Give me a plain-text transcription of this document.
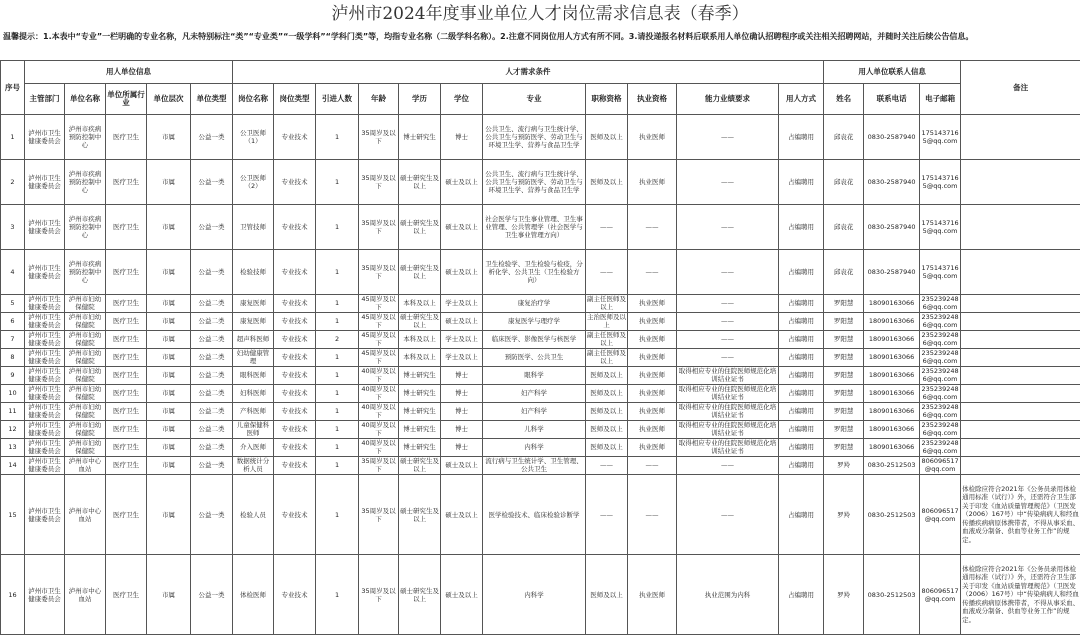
泸州市2024年度事业单位人才岗位需求信息表（春季）
温馨提示：1.本表中“专业”一栏明确的专业名称，凡未特别标注“类”“专业类”“一级学科”“学科门类”等，均指专业名称（二级学科名称）。2.注意不同岗位用人方式有所不同。3.请投递报名材料后联系用人单位确认招聘程序或关注相关招聘网站，并随时关注后续公告信息。
序号	用人单位信息					人才需求条件											用人单位联系人信息			备注
	主管部门	单位名称	单位所属行业	单位层次	单位类型	岗位名称	岗位类型	引进人数	年龄	学历	学位	专业	职称资格	执业资格	能力业绩要求	用人方式	姓名	联系电话	电子邮箱	
1	泸州市卫生健康委员会	泸州市疾病预防控制中心	医疗卫生	市属	公益一类	公卫医师（1）	专业技术	1	35周岁及以下	博士研究生	博士	公共卫生、流行病与卫生统计学、公共卫生与预防医学、劳动卫生与环境卫生学、营养与食品卫生学	医师及以上	执业医师	——	占编聘用	邱袁花	0830-2587940	1751437165@qq.com	
2	泸州市卫生健康委员会	泸州市疾病预防控制中心	医疗卫生	市属	公益一类	公卫医师（2）	专业技术	1	35周岁及以下	硕士研究生及以上	硕士及以上	公共卫生、流行病与卫生统计学、公共卫生与预防医学、劳动卫生与环境卫生学、营养与食品卫生学	医师及以上	执业医师	——	占编聘用	邱袁花	0830-2587940	1751437165@qq.com	
3	泸州市卫生健康委员会	泸州市疾病预防控制中心	医疗卫生	市属	公益一类	卫管技师	专业技术	1	35周岁及以下	硕士研究生及以上	硕士及以上	社会医学与卫生事业管理、卫生事业管理、公共管理学（社会医学与卫生事业管理方向）	——	——	——	占编聘用	邱袁花	0830-2587940	1751437165@qq.com	
4	泸州市卫生健康委员会	泸州市疾病预防控制中心	医疗卫生	市属	公益一类	检验技师	专业技术	1	35周岁及以下	硕士研究生及以上	硕士及以上	卫生检验学、卫生检验与检疫，分析化学、公共卫生（卫生检验方向）	——	——	——	占编聘用	邱袁花	0830-2587940	1751437165@qq.com	
5	泸州市卫生健康委员会	泸州市妇幼保健院	医疗卫生	市属	公益二类	康复医师	专业技术	1	45周岁及以下	本科及以上	学士及以上	康复治疗学	副主任医师及以上	执业医师	——	占编聘用	罗阳慧	18090163066	2352392486@qq.com	
6	泸州市卫生健康委员会	泸州市妇幼保健院	医疗卫生	市属	公益二类	康复医师	专业技术	1	45周岁及以下	硕士研究生及以上	硕士及以上	康复医学与理疗学	主治医师及以上	执业医师	——	占编聘用	罗阳慧	18090163066	2352392486@qq.com	
7	泸州市卫生健康委员会	泸州市妇幼保健院	医疗卫生	市属	公益二类	超声科医师	专业技术	2	45周岁及以下	本科及以上	学士及以上	临床医学、影像医学与核医学	副主任医师及以上	执业医师	——	占编聘用	罗阳慧	18090163066	2352392486@qq.com	
8	泸州市卫生健康委员会	泸州市妇幼保健院	医疗卫生	市属	公益二类	妇幼健康管理	专业技术	1	45周岁及以下	本科及以上	学士及以上	预防医学、公共卫生	副主任医师及以上	执业医师	——	占编聘用	罗阳慧	18090163066	2352392486@qq.com	
9	泸州市卫生健康委员会	泸州市妇幼保健院	医疗卫生	市属	公益二类	眼科医师	专业技术	1	40周岁及以下	博士研究生	博士	眼科学	医师及以上	执业医师	取得相应专业的住院医师规范化培训结业证书	占编聘用	罗阳慧	18090163066	2352392486@qq.com	
10	泸州市卫生健康委员会	泸州市妇幼保健院	医疗卫生	市属	公益二类	妇科医师	专业技术	1	40周岁及以下	博士研究生	博士	妇产科学	医师及以上	执业医师	取得相应专业的住院医师规范化培训结业证书	占编聘用	罗阳慧	18090163066	2352392486@qq.com	
11	泸州市卫生健康委员会	泸州市妇幼保健院	医疗卫生	市属	公益二类	产科医师	专业技术	1	40周岁及以下	博士研究生	博士	妇产科学	医师及以上	执业医师	取得相应专业的住院医师规范化培训结业证书	占编聘用	罗阳慧	18090163066	2352392486@qq.com	
12	泸州市卫生健康委员会	泸州市妇幼保健院	医疗卫生	市属	公益二类	儿童保健科医师	专业技术	1	40周岁及以下	博士研究生	博士	儿科学	医师及以上	执业医师	取得相应专业的住院医师规范化培训结业证书	占编聘用	罗阳慧	18090163066	2352392486@qq.com	
13	泸州市卫生健康委员会	泸州市妇幼保健院	医疗卫生	市属	公益二类	介入医师	专业技术	1	40周岁及以下	博士研究生	博士	内科学	医师及以上	执业医师	取得相应专业的住院医师规范化培训结业证书	占编聘用	罗阳慧	18090163066	2352392486@qq.com	
14	泸州市卫生健康委员会	泸州市中心血站	医疗卫生	市属	公益一类	数据统计分析人员	专业技术	1	35周岁及以下	硕士研究生及以上	硕士及以上	流行病与卫生统计学、卫生管理、公共卫生	——	——	——	占编聘用	罗羚	0830-2512503	806096517@qq.com	
15	泸州市卫生健康委员会	泸州市中心血站	医疗卫生	市属	公益一类	检验人员	专业技术	1	35周岁及以下	硕士研究生及以上	硕士及以上	医学检验技术、临床检验诊断学	——	——	——	占编聘用	罗羚	0830-2512503	806096517@qq.com	体检除应符合2021年《公务员录用体检通用标准（试行）》外，还需符合卫生部关于印发《血站质量管理规范》（卫医发（2006）167号）中“传染病病人和经血传播疾病病原体携带者，不得从事采血、血液成分制备、供血等业务工作”的规定。
16	泸州市卫生健康委员会	泸州市中心血站	医疗卫生	市属	公益一类	体检医师	专业技术	1	35周岁及以下	硕士研究生及以上	硕士及以上	内科学	医师及以上	执业医师	执业范围为内科	占编聘用	罗羚	0830-2512503	806096517@qq.com	体检除应符合2021年《公务员录用体检通用标准（试行）》外，还需符合卫生部关于印发《血站质量管理规范》（卫医发（2006）167号）中“传染病病人和经血传播疾病病原体携带者，不得从事采血、血液成分制备、供血等业务工作”的规定。
